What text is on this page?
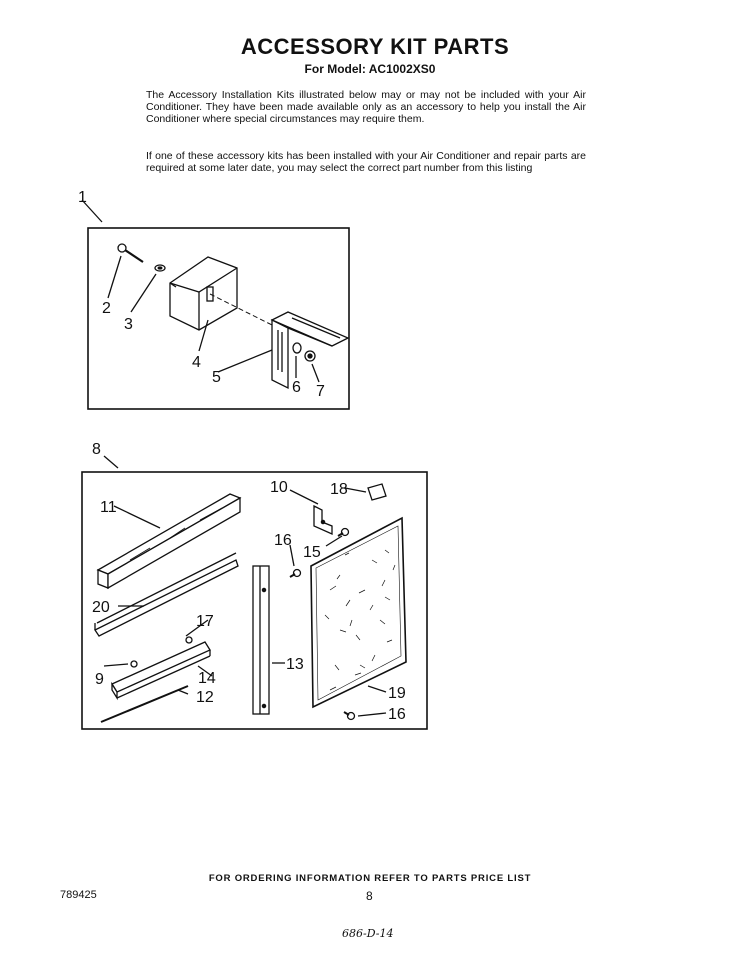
ACCESSORY KIT PARTS
For Model: AC1002XS0
The Accessory Installation Kits illustrated below may or may not be included with your Air Conditioner. They have been made available only as an accessory to help you install the Air Conditioner where special circumstances may require them.
If one of these accessory kits has been installed with your Air Conditioner and repair parts are required at some later date, you may select the correct part number from this listing
1
2
3
4
5
6 7
8
11
10	18
16
15
20
17
13
9	14
12	19
16
FOR ORDERING INFORMATION REFER TO PARTS PRICE LIST
789425	8
686-D-14
